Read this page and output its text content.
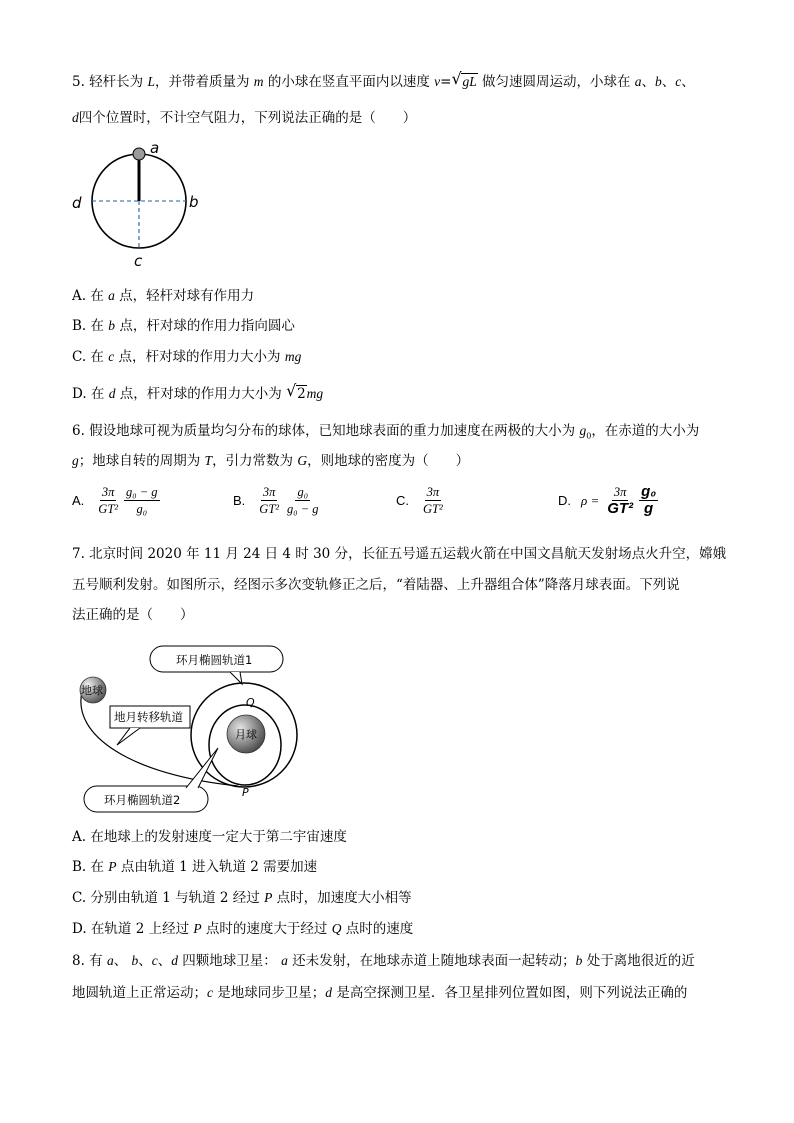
5. 轻杆长为 L，并带着质量为 m 的小球在竖直平面内以速度 v=√ gL 做匀速圆周运动，小球在 a、b、c、
d四个位置时，不计空气阻力，下列说法正确的是（　　）
a
b
c
d
A. 在 a 点，轻杆对球有作用力
B. 在 b 点，杆对球的作用力指向圆心
C. 在 c 点，杆对球的作用力大小为 mg
D. 在 d 点，杆对球的作用力大小为 √ 2mg
6. 假设地球可视为质量均匀分布的球体，已知地球表面的重力加速度在两极的大小为 $g_0$，在赤道的大小为
g；地球自转的周期为 T，引力常数为 G，则地球的密度为（　　）
A. $\frac{3\pi}{\text{GT²}} \frac{\text{g₀ − g}}{\text{g₀}}$	B. $\frac{3\pi}{\text{GT²}} \frac{\text{g₀}}{\text{g₀ − g}}$	C. $\frac{3\pi}{\text{GT²}}$	D. $\rho = \frac{3\pi}{\text{GT²}} \frac{\text{g₀}}{g}$
7. 北京时间 2020 年 11 月 24 日 4 时 30 分，长征五号遥五运载火箭在中国文昌航天发射场点火升空，嫦娥
五号顺利发射。如图所示，经图示多次变轨修正之后，“着陆器、上升器组合体”降落月球表面。下列说
法正确的是（　　）
月球
地球
环月椭圆轨道1
Q
地月转移轨道
P
环月椭圆轨道2
A. 在地球上的发射速度一定大于第二宇宙速度
B. 在 P 点由轨道 1 进入轨道 2 需要加速
C. 分别由轨道 1 与轨道 2 经过 P 点时，加速度大小相等
D. 在轨道 2 上经过 P 点时的速度大于经过 Q 点时的速度
8. 有 a、 b、c、d 四颗地球卫星： a 还未发射，在地球赤道上随地球表面一起转动；b 处于离地很近的近
地圆轨道上正常运动；c 是地球同步卫星；d 是高空探测卫星．各卫星排列位置如图，则下列说法正确的
